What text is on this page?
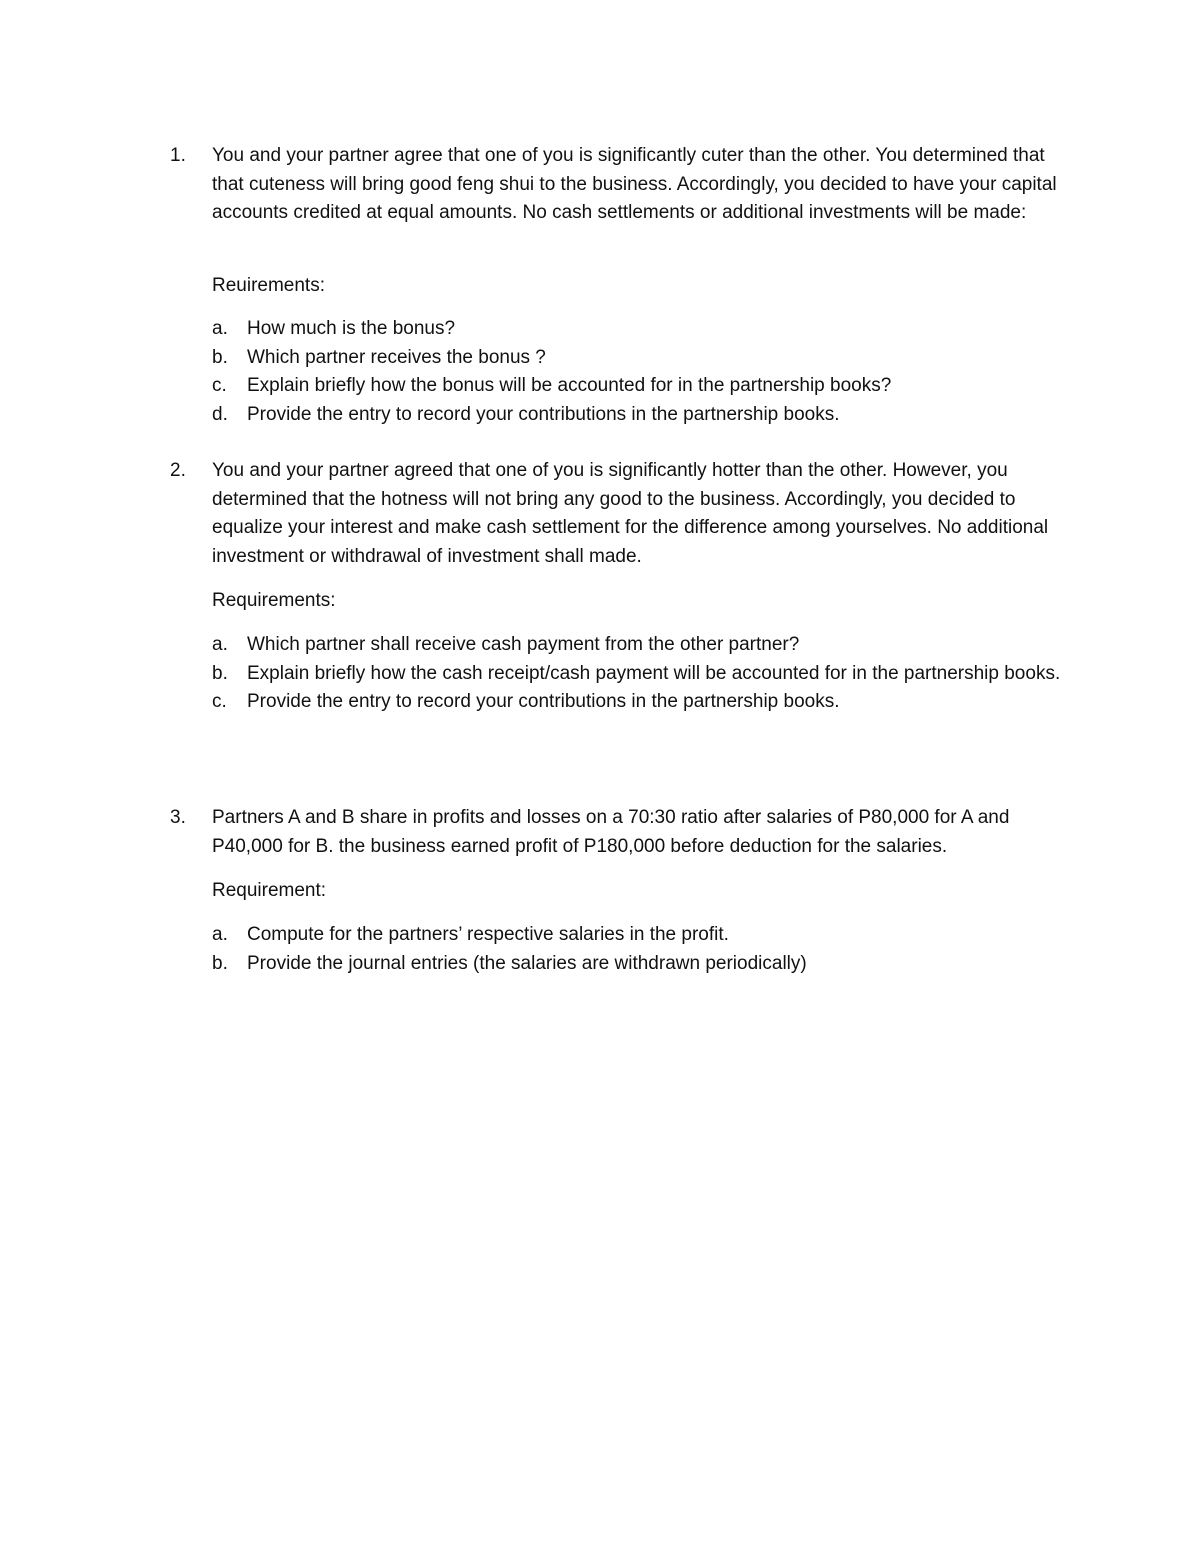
1.	You and your partner agree that one of you is significantly cuter than the other. You determined that that cuteness will bring good feng shui to the business. Accordingly, you decided to have your capital accounts credited at equal amounts. No cash settlements or additional investments will be made:
Reuirements:
a. How much is the bonus?
b. Which partner receives the bonus ?
c. Explain briefly how the bonus will be accounted for in the partnership books?
d. Provide the entry to record your contributions in the partnership books.
2.	You and your partner agreed that one of you is significantly hotter than the other. However, you determined that the hotness will not bring any good to the business. Accordingly, you decided to equalize your interest and make cash settlement for the difference among yourselves. No additional investment or withdrawal of investment shall made.
Requirements:
a. Which partner shall receive cash payment from the other partner?
b. Explain briefly how the cash receipt/cash payment will be accounted for in the partnership books.
c. Provide the entry to record your contributions in the partnership books.
3.	Partners A and B share in profits and losses on a 70:30 ratio after salaries of P80,000 for A and P40,000 for B. the business earned profit of P180,000 before deduction for the salaries.
Requirement:
a. Compute for the partners’ respective salaries in the profit.
b. Provide the journal entries (the salaries are withdrawn periodically)
